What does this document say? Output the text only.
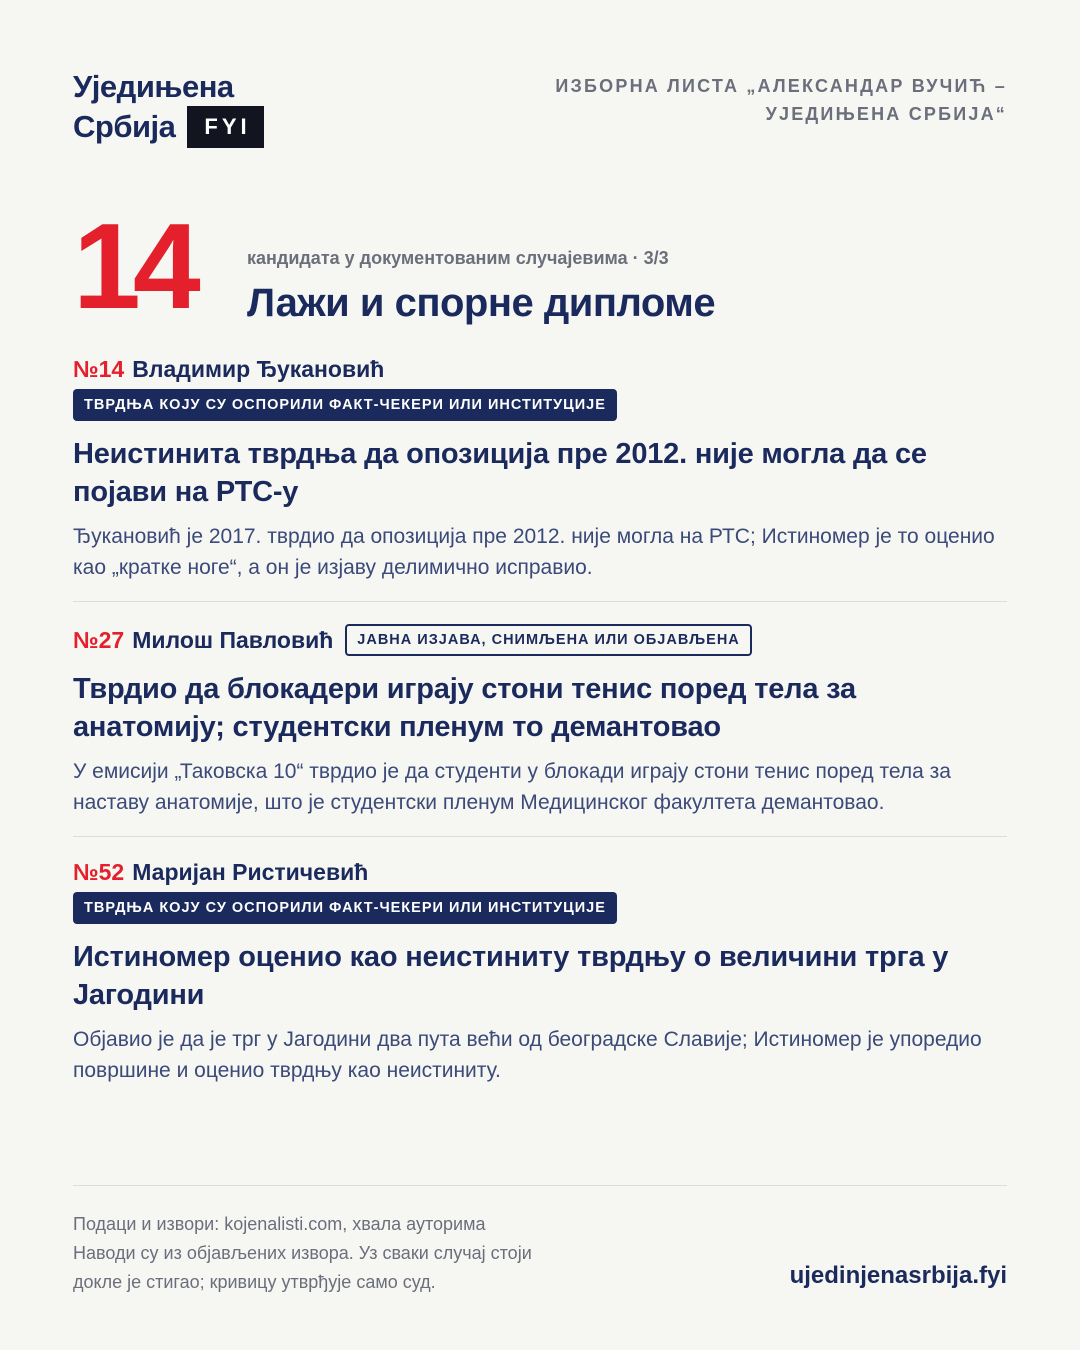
Уједињена
Србија	FYI
ИЗБОРНА ЛИСТА „АЛЕКСАНДАР ВУЧИЋ –
УЈЕДИЊЕНА СРБИЈА“
14	кандидата у документованим случајевима · 3/3
Лажи и спорне дипломе
№14 Владимир Ђукановић
ТВРДЊА КОЈУ СУ ОСПОРИЛИ ФАКТ-ЧЕКЕРИ ИЛИ ИНСТИТУЦИЈЕ
Неистинита тврдња да опозиција пре 2012. није могла да се појави на РТС-у
Ђукановић је 2017. тврдио да опозиција пре 2012. није могла на РТС; Истиномер је то оценио као „кратке ноге“, а он је изјаву делимично исправио.
№27 Милош Павловић	ЈАВНА ИЗЈАВА, СНИМЉЕНА ИЛИ ОБЈАВЉЕНА
Тврдио да блокадери играју стони тенис поред тела за анатомију; студентски пленум то демантовао
У емисији „Таковска 10“ тврдио је да студенти у блокади играју стони тенис поред тела за наставу анатомије, што је студентски пленум Медицинског факултета демантовао.
№52 Маријан Ристичевић
ТВРДЊА КОЈУ СУ ОСПОРИЛИ ФАКТ-ЧЕКЕРИ ИЛИ ИНСТИТУЦИЈЕ
Истиномер оценио као неистиниту тврдњу о величини трга у Јагодини
Објавио је да је трг у Јагодини два пута већи од београдске Славије; Истиномер је упоредио површине и оценио тврдњу као неистиниту.
Подаци и извори: kojenalisti.com, хвала ауторима
Наводи су из објављених извора. Уз сваки случај стоји
докле је стигао; кривицу утврђује само суд.	ujedinjenasrbija.fyi
